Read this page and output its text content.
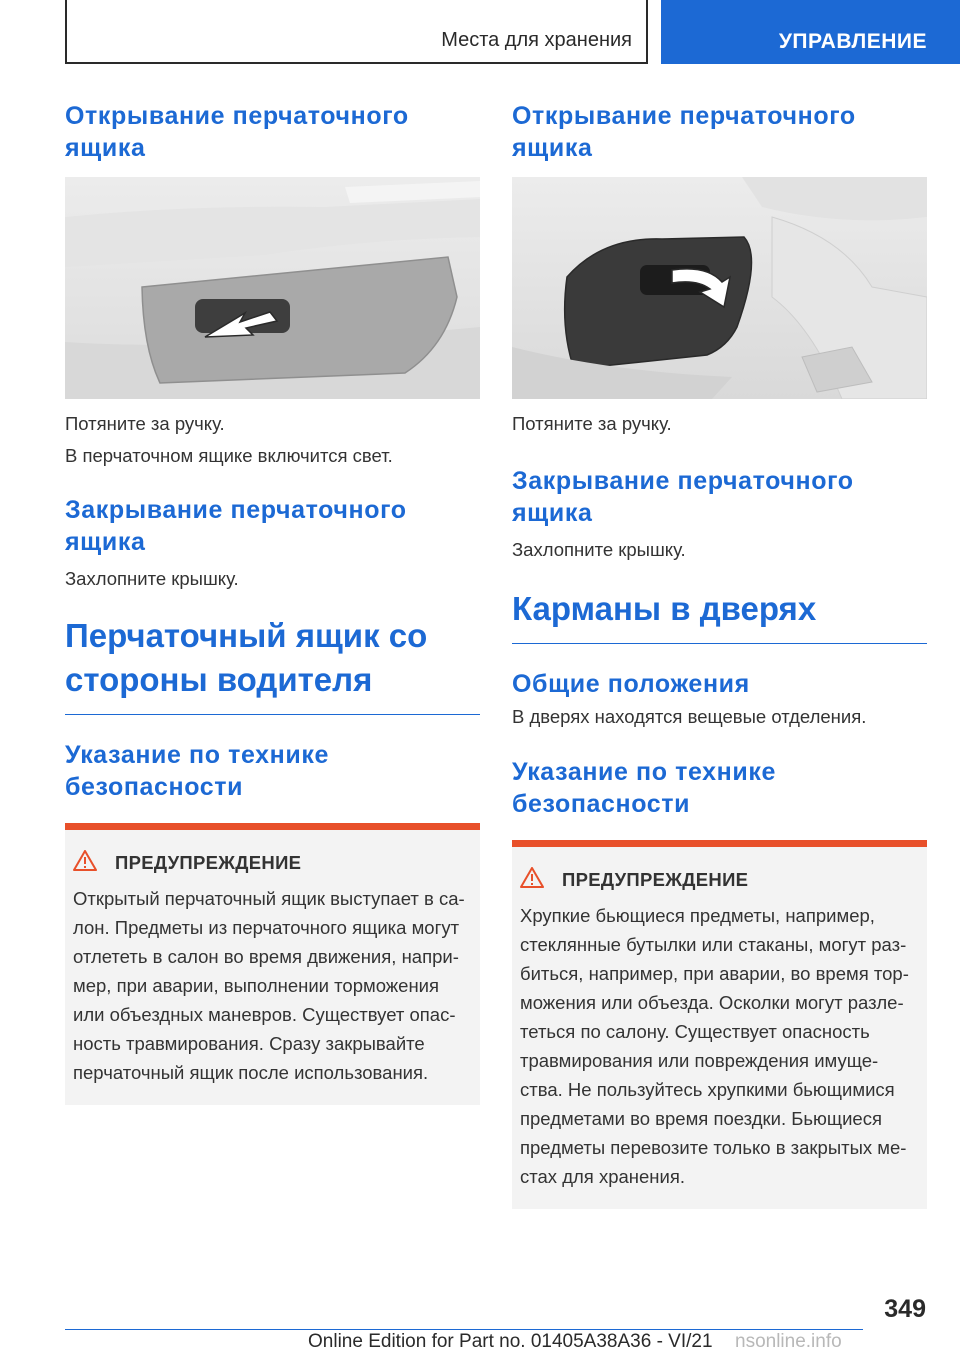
Места для хранения	УПРАВЛЕНИЕ
Открывание перчаточного ящика

Потяните за ручку.

В перчаточном ящике включится свет.

Закрывание перчаточного ящика

Захлопните крышку.

Перчаточный ящик со стороны водителя
Указание по технике безопасности
ПРЕДУПРЕЖДЕНИЕ
Открытый перчаточный ящик выступает в са-лон. Предметы из перчаточного ящика могут отлететь в салон во время движения, напри-мер, при аварии, выполнении торможения или объездных маневров. Существует опас-ность травмирования. Сразу закрывайте перчаточный ящик после использования.
Открывание перчаточного ящика

Потяните за ручку.

Закрывание перчаточного ящика

Захлопните крышку.

Карманы в дверях
Общие положения

В дверях находятся вещевые отделения.

Указание по технике безопасности
ПРЕДУПРЕЖДЕНИЕ
Хрупкие бьющиеся предметы, например, стеклянные бутылки или стаканы, могут раз-биться, например, при аварии, во время тор-можения или объезда. Осколки могут разле-теться по салону. Существует опасность травмирования или повреждения имуще-ства. Не пользуйтесь хрупкими бьющимися предметами во время поездки. Бьющиеся предметы перевозите только в закрытых ме-стах для хранения.
349
Online Edition for Part no. 01405A38A36 - VI/21 nsonline.info
